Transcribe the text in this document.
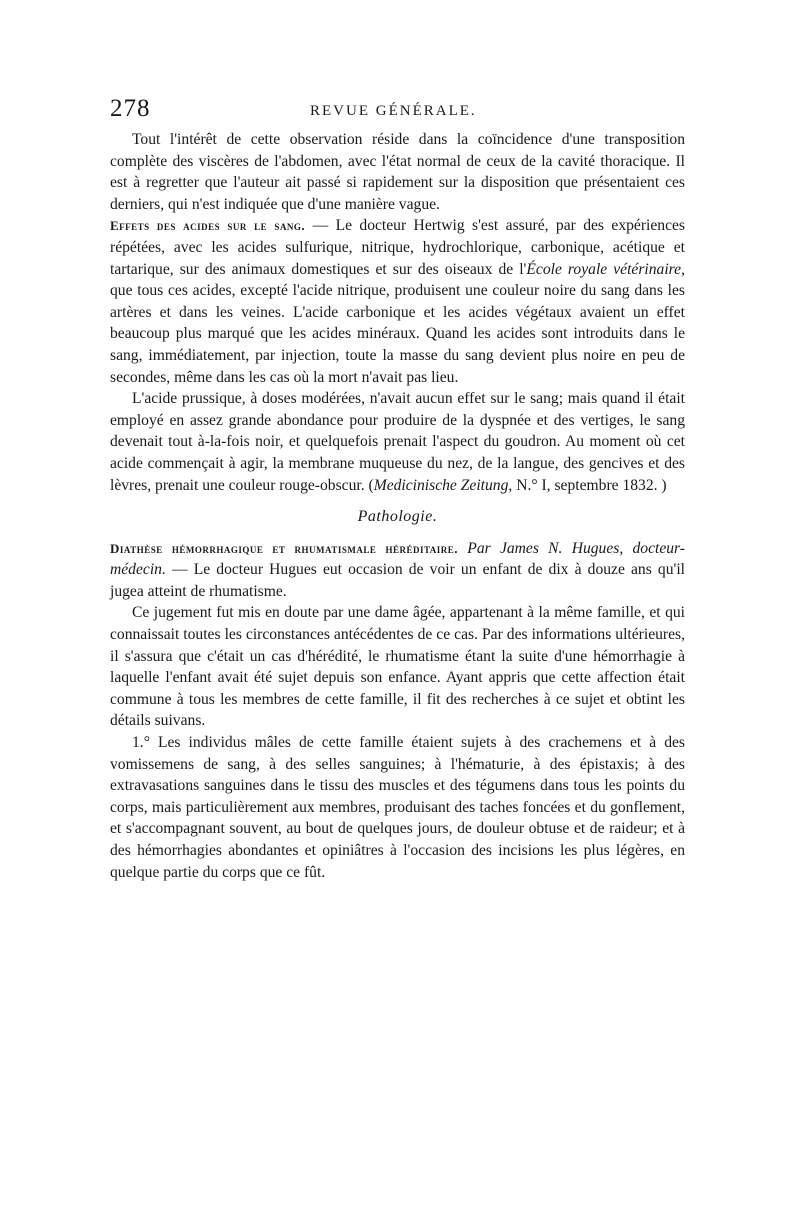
278	REVUE GÉNÉRALE.

Tout l'intérêt de cette observation réside dans la coïncidence d'une transposition complète des viscères de l'abdomen, avec l'état normal de ceux de la cavité thoracique. Il est à regretter que l'auteur ait passé si rapidement sur la disposition que présentaient ces derniers, qui n'est indiquée que d'une manière vague.

Effets des acides sur le sang. — Le docteur Hertwig s'est assuré, par des expériences répétées, avec les acides sulfurique, nitrique, hydrochlorique, carbonique, acétique et tartarique, sur des animaux domestiques et sur des oiseaux de l'École royale vétérinaire, que tous ces acides, excepté l'acide nitrique, produisent une couleur noire du sang dans les artères et dans les veines. L'acide carbonique et les acides végétaux avaient un effet beaucoup plus marqué que les acides minéraux. Quand les acides sont introduits dans le sang, immédiatement, par injection, toute la masse du sang devient plus noire en peu de secondes, même dans les cas où la mort n'avait pas lieu.

L'acide prussique, à doses modérées, n'avait aucun effet sur le sang; mais quand il était employé en assez grande abondance pour produire de la dyspnée et des vertiges, le sang devenait tout à-la-fois noir, et quelquefois prenait l'aspect du goudron. Au moment où cet acide commençait à agir, la membrane muqueuse du nez, de la langue, des gencives et des lèvres, prenait une couleur rouge-obscur. (Medicinische Zeitung, N.° I, septembre 1832. )

Pathologie.

Diathèse hémorrhagique et rhumatismale héréditaire. Par James N. Hugues, docteur-médecin. — Le docteur Hugues eut occasion de voir un enfant de dix à douze ans qu'il jugea atteint de rhumatisme.

Ce jugement fut mis en doute par une dame âgée, appartenant à la même famille, et qui connaissait toutes les circonstances antécédentes de ce cas. Par des informations ultérieures, il s'assura que c'était un cas d'hérédité, le rhumatisme étant la suite d'une hémorrhagie à laquelle l'enfant avait été sujet depuis son enfance. Ayant appris que cette affection était commune à tous les membres de cette famille, il fit des recherches à ce sujet et obtint les détails suivans.

1.° Les individus mâles de cette famille étaient sujets à des crachemens et à des vomissemens de sang, à des selles sanguines; à l'hématurie, à des épistaxis; à des extravasations sanguines dans le tissu des muscles et des tégumens dans tous les points du corps, mais particulièrement aux membres, produisant des taches foncées et du gonflement, et s'accompagnant souvent, au bout de quelques jours, de douleur obtuse et de raideur; et à des hémorrhagies abondantes et opiniâtres à l'occasion des incisions les plus légères, en quelque partie du corps que ce fût.
